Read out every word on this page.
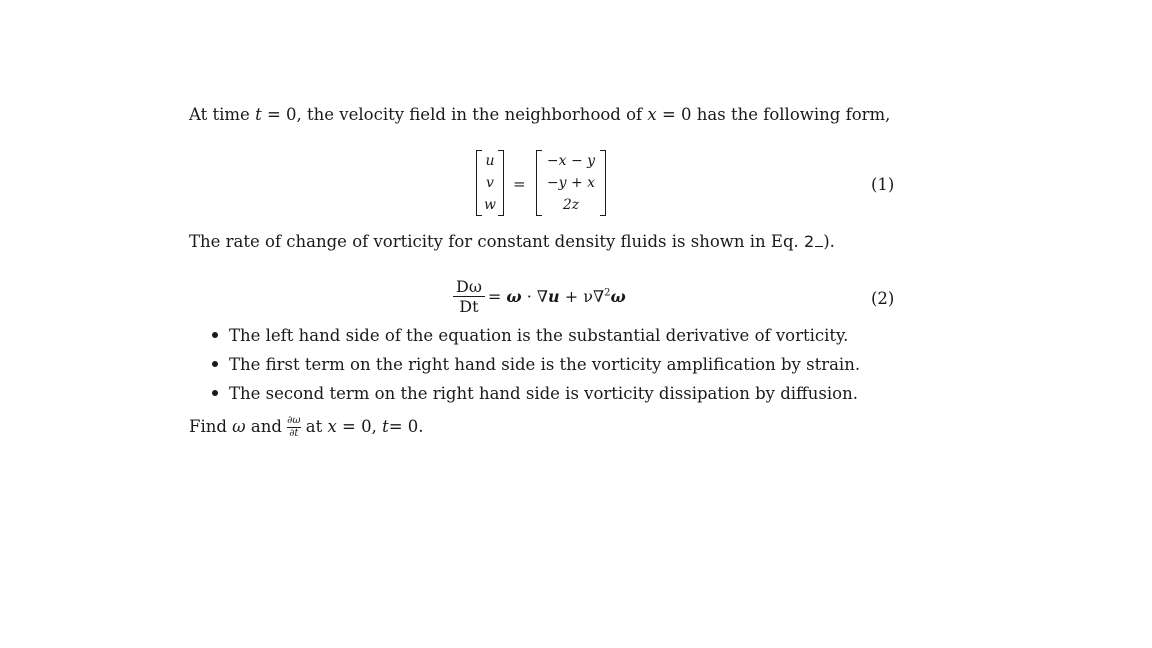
At time t = 0, the velocity field in the neighborhood of x = 0 has the following form,
u
v
w
=
−x − y
−y + x
2z
(1)
The rate of change of vorticity for constant density fluids is shown in Eq. 2 ).
$\frac{D\omega}{Dt} = \omega \cdot \nabla u + \nu\nabla^2\omega$	(2)
The left hand side of the equation is the substantial derivative of vorticity.
The first term on the right hand side is the vorticity amplification by strain.
The second term on the right hand side is vorticity dissipation by diffusion.
Find
ω and ∂ω
∂t at x = 0, t = 0.
